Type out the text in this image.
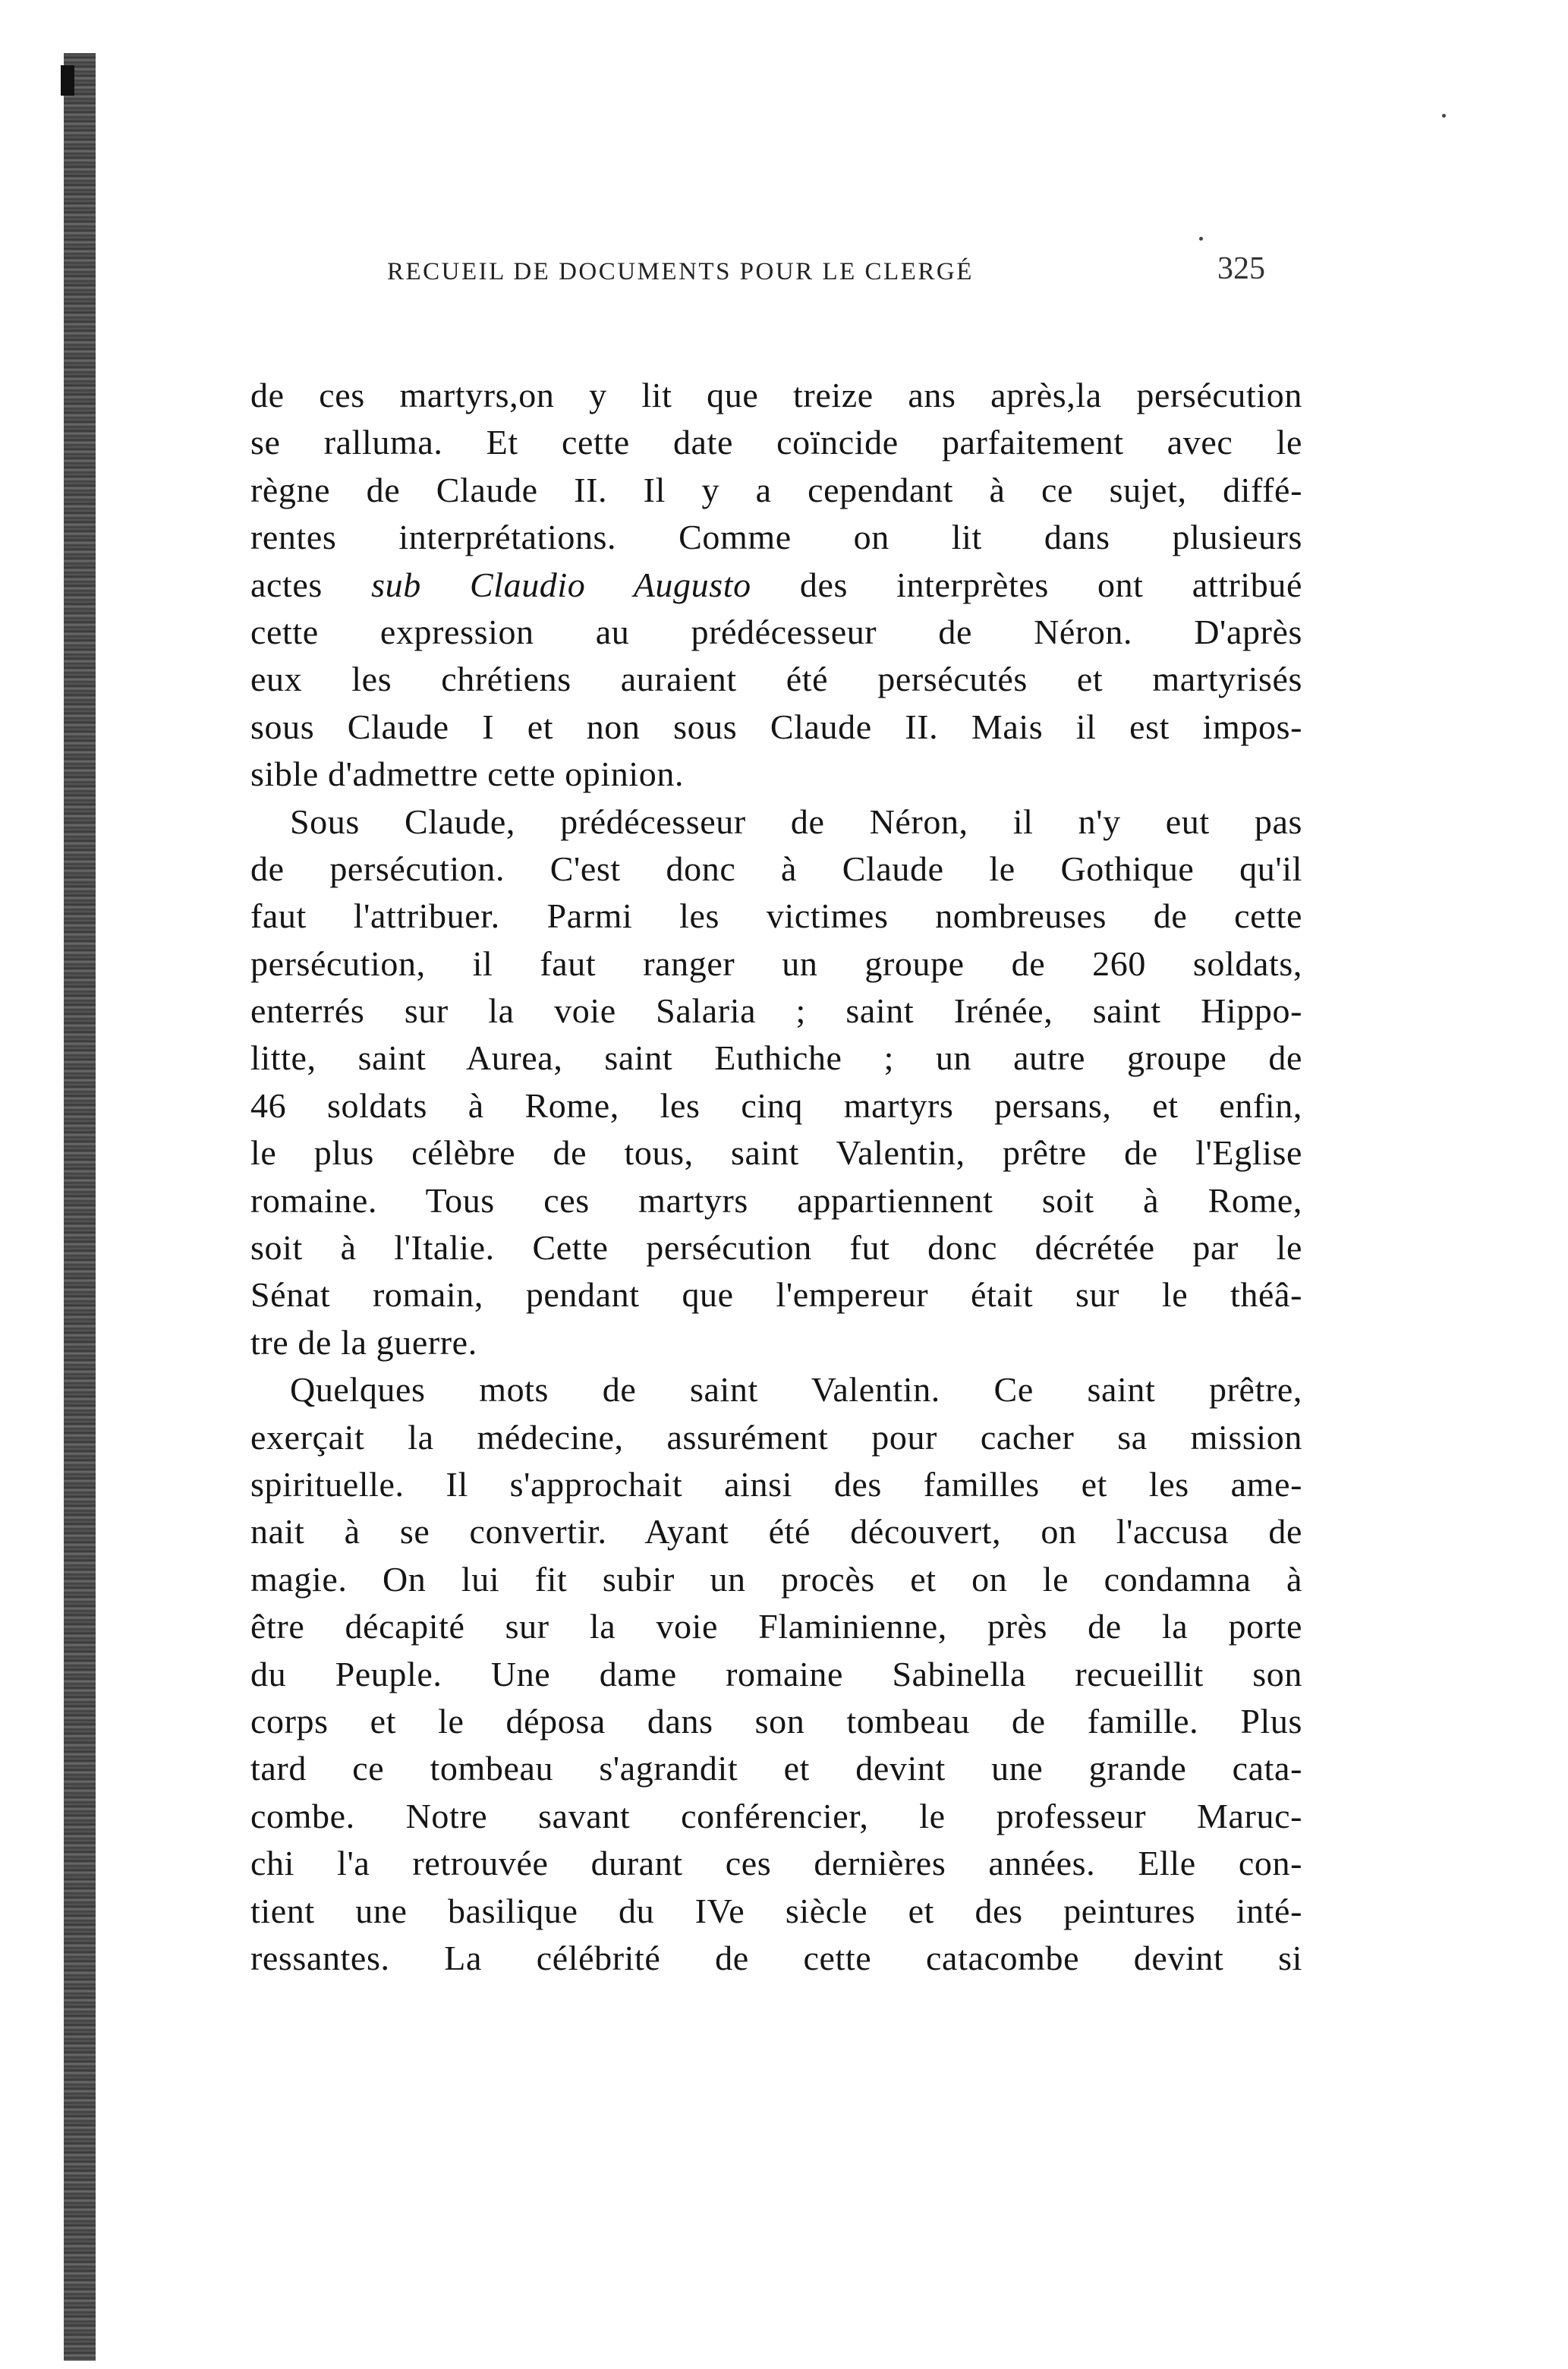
RECUEIL DE DOCUMENTS POUR LE CLERGÉ	325
de ces martyrs,on y lit que treize ans après,la persécution
se ralluma. Et cette date coïncide parfaitement avec le
règne de Claude II. Il y a cependant à ce sujet, diffé-
rentes interprétations. Comme on lit dans plusieurs
actes sub Claudio Augusto des interprètes ont attribué
cette expression au prédécesseur de Néron. D'après
eux les chrétiens auraient été persécutés et martyrisés
sous Claude I et non sous Claude II. Mais il est impos-
sible d'admettre cette opinion.
Sous Claude, prédécesseur de Néron, il n'y eut pas
de persécution. C'est donc à Claude le Gothique qu'il
faut l'attribuer. Parmi les victimes nombreuses de cette
persécution, il faut ranger un groupe de 260 soldats,
enterrés sur la voie Salaria ; saint Irénée, saint Hippo-
litte, saint Aurea, saint Euthiche ; un autre groupe de
46 soldats à Rome, les cinq martyrs persans, et enfin,
le plus célèbre de tous, saint Valentin, prêtre de l'Eglise
romaine. Tous ces martyrs appartiennent soit à Rome,
soit à l'Italie. Cette persécution fut donc décrétée par le
Sénat romain, pendant que l'empereur était sur le théâ-
tre de la guerre.
Quelques mots de saint Valentin. Ce saint prêtre,
exerçait la médecine, assurément pour cacher sa mission
spirituelle. Il s'approchait ainsi des familles et les ame-
nait à se convertir. Ayant été découvert, on l'accusa de
magie. On lui fit subir un procès et on le condamna à
être décapité sur la voie Flaminienne, près de la porte
du Peuple. Une dame romaine Sabinella recueillit son
corps et le déposa dans son tombeau de famille. Plus
tard ce tombeau s'agrandit et devint une grande cata-
combe. Notre savant conférencier, le professeur Maruc-
chi l'a retrouvée durant ces dernières années. Elle con-
tient une basilique du IVe siècle et des peintures inté-
ressantes. La célébrité de cette catacombe devint si
